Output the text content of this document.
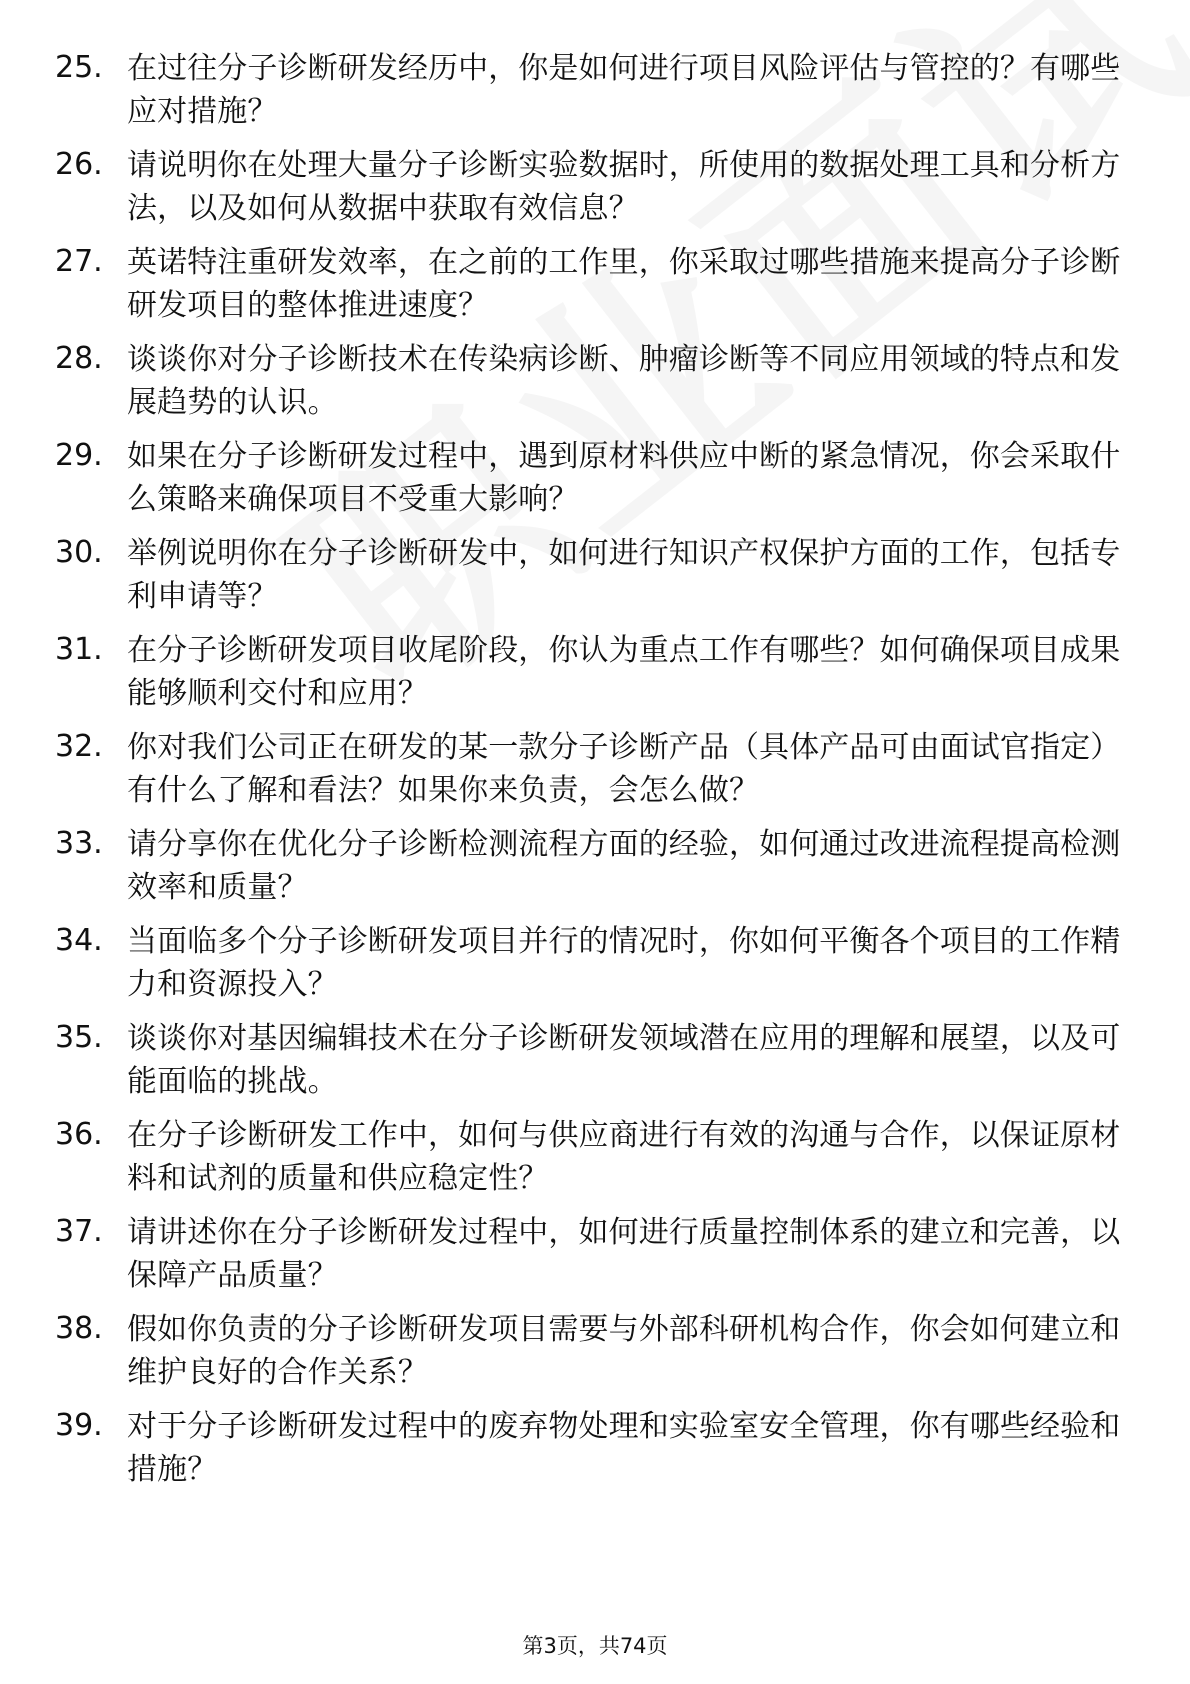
25. 在过往分子诊断研发经历中，你是如何进行项目风险评估与管控的？有哪些应对措施？
26. 请说明你在处理大量分子诊断实验数据时，所使用的数据处理工具和分析方法，以及如何从数据中获取有效信息？
27. 英诺特注重研发效率，在之前的工作里，你采取过哪些措施来提高分子诊断研发项目的整体推进速度？
28. 谈谈你对分子诊断技术在传染病诊断、肿瘤诊断等不同应用领域的特点和发展趋势的认识。
29. 如果在分子诊断研发过程中，遇到原材料供应中断的紧急情况，你会采取什么策略来确保项目不受重大影响？
30. 举例说明你在分子诊断研发中，如何进行知识产权保护方面的工作，包括专利申请等？
31. 在分子诊断研发项目收尾阶段，你认为重点工作有哪些？如何确保项目成果能够顺利交付和应用？
32. 你对我们公司正在研发的某一款分子诊断产品（具体产品可由面试官指定）有什么了解和看法？如果你来负责，会怎么做？
33. 请分享你在优化分子诊断检测流程方面的经验，如何通过改进流程提高检测效率和质量？
34. 当面临多个分子诊断研发项目并行的情况时，你如何平衡各个项目的工作精力和资源投入？
35. 谈谈你对基因编辑技术在分子诊断研发领域潜在应用的理解和展望，以及可能面临的挑战。
36. 在分子诊断研发工作中，如何与供应商进行有效的沟通与合作，以保证原材料和试剂的质量和供应稳定性？
37. 请讲述你在分子诊断研发过程中，如何进行质量控制体系的建立和完善，以保障产品质量？
38. 假如你负责的分子诊断研发项目需要与外部科研机构合作，你会如何建立和维护良好的合作关系？
39. 对于分子诊断研发过程中的废弃物处理和实验室安全管理，你有哪些经验和措施？
第3页，共74页
